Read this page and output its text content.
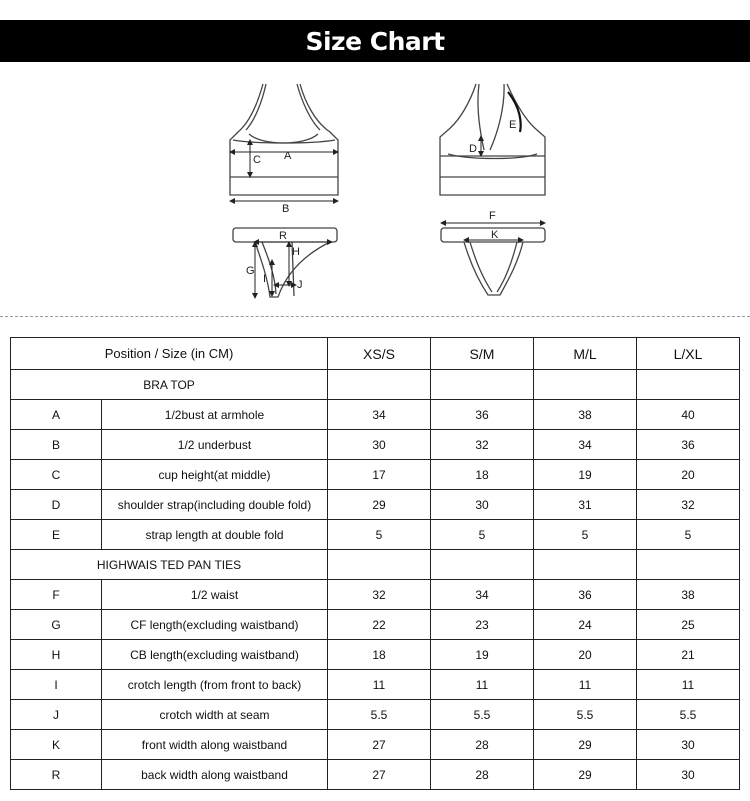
Size Chart
A
C
B
E
D
R
G
H
I	J
F
K
Position / Size (in CM)		XS/S	S/M	M/L	L/XL
BRA TOP					
A	1/2bust at armhole	34	36	38	40
B	1/2 underbust	30	32	34	36
C	cup height(at middle)	17	18	19	20
D	shoulder strap(including double fold)	29	30	31	32
E	strap length at double fold	5	5	5	5
HIGHWAIS TED PAN TIES					
F	1/2 waist	32	34	36	38
G	CF length(excluding waistband)	22	23	24	25
H	CB length(excluding waistband)	18	19	20	21
I	crotch length (from front to back)	11	11	11	11
J	crotch width at seam	5.5	5.5	5.5	5.5
K	front width along waistband	27	28	29	30
R	back width along waistband	27	28	29	30
